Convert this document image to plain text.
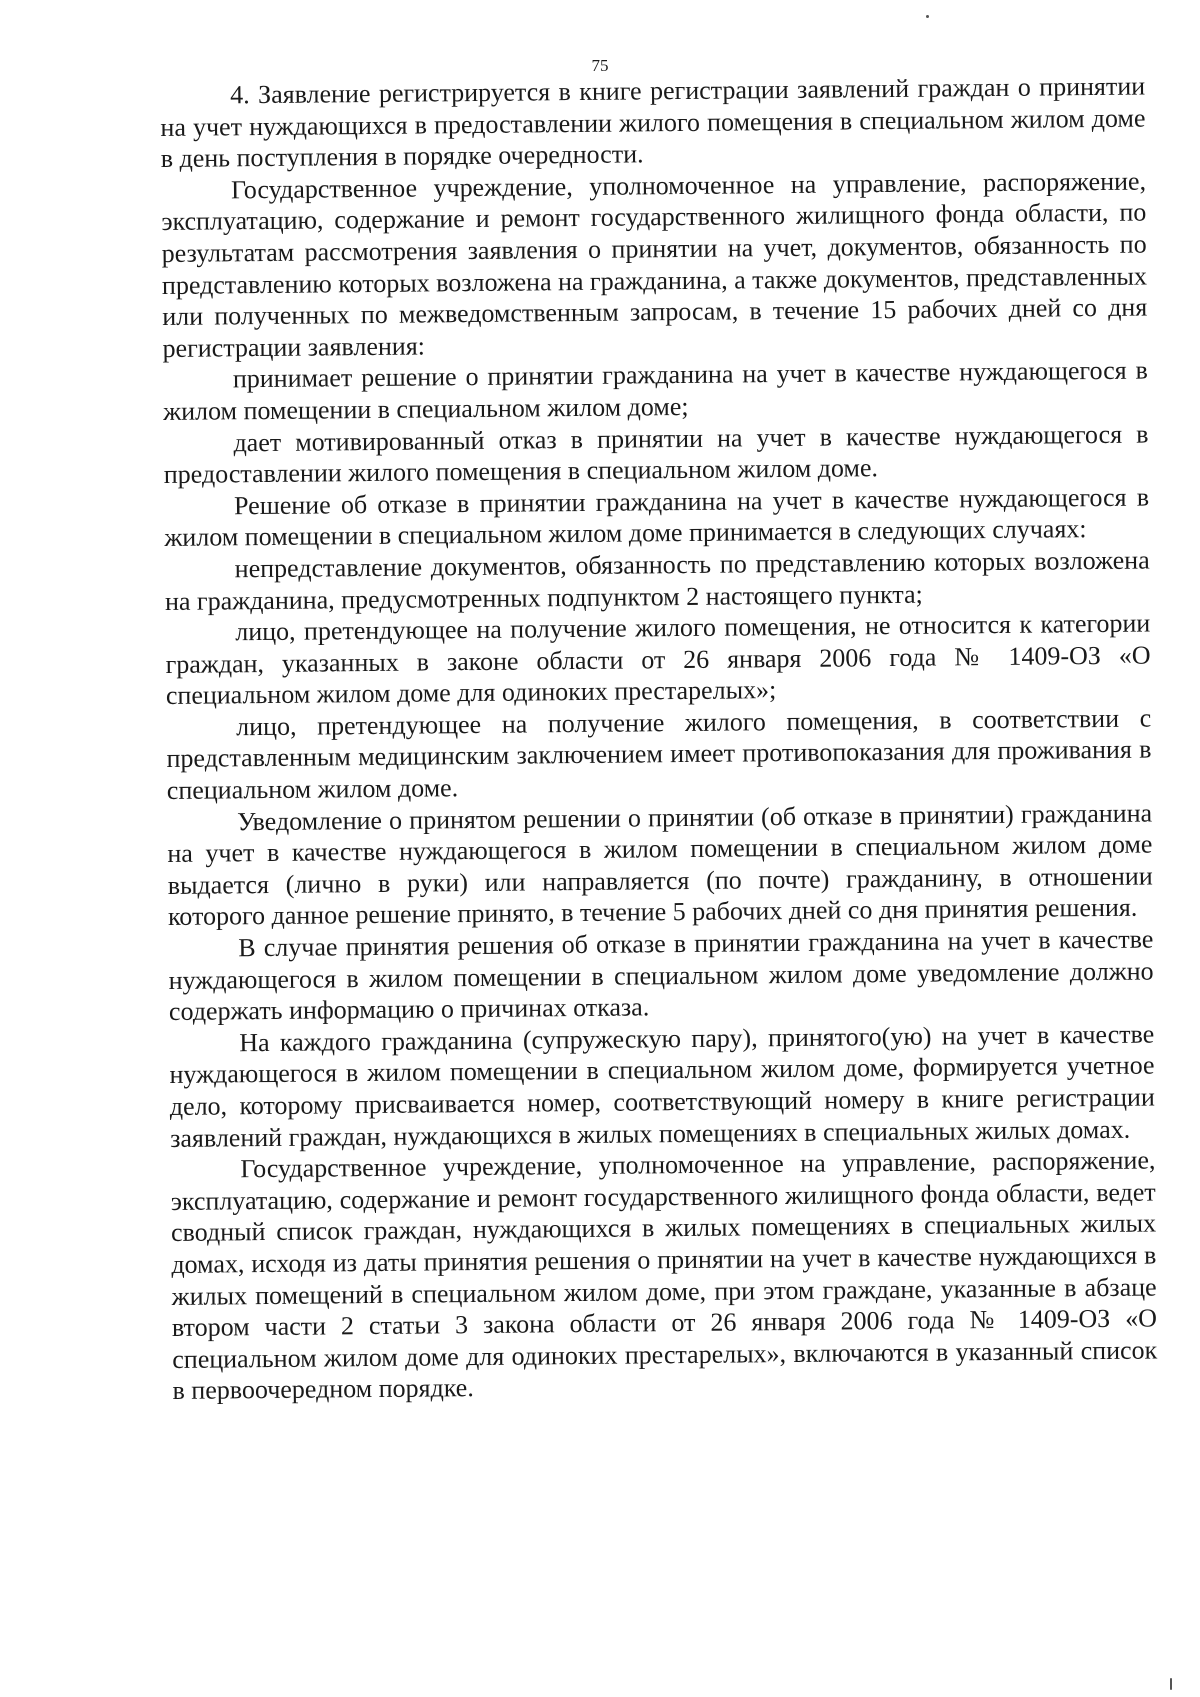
75

4. Заявление регистрируется в книге регистрации заявлений граждан о принятии на учет нуждающихся в предоставлении жилого помещения в специальном жилом доме в день поступления в порядке очередности.

Государственное учреждение, уполномоченное на управление, распоряжение, эксплуатацию, содержание и ремонт государственного жилищного фонда области, по результатам рассмотрения заявления о принятии на учет, документов, обязанность по представлению которых возложена на гражданина, а также документов, представленных или полученных по межведомственным запросам, в течение 15 рабочих дней со дня регистрации заявления:

принимает решение о принятии гражданина на учет в качестве нуждающегося в жилом помещении в специальном жилом доме;

дает мотивированный отказ в принятии на учет в качестве нуждающегося в предоставлении жилого помещения в специальном жилом доме.

Решение об отказе в принятии гражданина на учет в качестве нуждающегося в жилом помещении в специальном жилом доме принимается в следующих случаях:

непредставление документов, обязанность по представлению которых возложена на гражданина, предусмотренных подпунктом 2 настоящего пункта;

лицо, претендующее на получение жилого помещения, не относится к категории граждан, указанных в законе области от 26 января 2006 года № 1409-ОЗ «О специальном жилом доме для одиноких престарелых»;

лицо, претендующее на получение жилого помещения, в соответствии с представленным медицинским заключением имеет противопоказания для проживания в специальном жилом доме.

Уведомление о принятом решении о принятии (об отказе в принятии) гражданина на учет в качестве нуждающегося в жилом помещении в специальном жилом доме выдается (лично в руки) или направляется (по почте) гражданину, в отношении которого данное решение принято, в течение 5 рабочих дней со дня принятия решения.

В случае принятия решения об отказе в принятии гражданина на учет в качестве нуждающегося в жилом помещении в специальном жилом доме уведомление должно содержать информацию о причинах отказа.

На каждого гражданина (супружескую пару), принятого(ую) на учет в качестве нуждающегося в жилом помещении в специальном жилом доме, формируется учетное дело, которому присваивается номер, соответствующий номеру в книге регистрации заявлений граждан, нуждающихся в жилых помещениях в специальных жилых домах.

Государственное учреждение, уполномоченное на управление, распоряжение, эксплуатацию, содержание и ремонт государственного жилищного фонда области, ведет сводный список граждан, нуждающихся в жилых помещениях в специальных жилых домах, исходя из даты принятия решения о принятии на учет в качестве нуждающихся в жилых помещений в специальном жилом доме, при этом граждане, указанные в абзаце втором части 2 статьи 3 закона области от 26 января 2006 года № 1409-ОЗ «О специальном жилом доме для одиноких престарелых», включаются в указанный список в первоочередном порядке.
